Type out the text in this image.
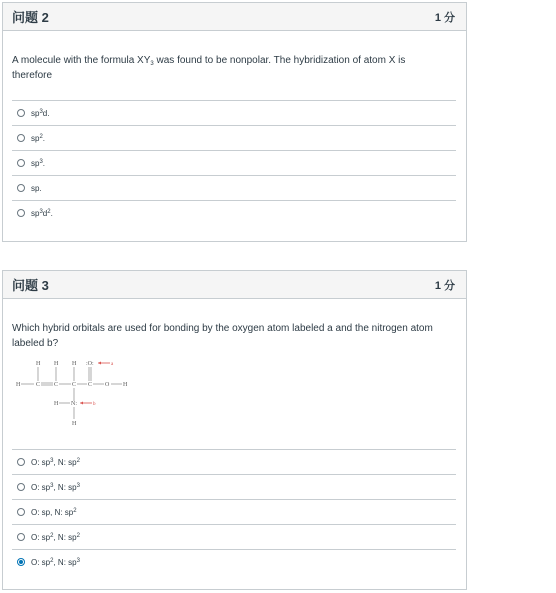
问题 2	1 分

A molecule with the formula $XY_3$ was found to be nonpolar. The hybridization of atom X is therefore

$sp^3d$.
$sp^2$.
$sp^3$.
sp.
$sp^3d^2$.
问题 3	1 分

Which hybrid orbitals are used for bonding by the oxygen atom labeled a and the nitrogen atom labeled b?

H H H :O:	a
H	C C C C O H
H N:	b
H
O: $sp^3$, N: $sp^2$
O: $sp^3$, N: $sp^3$
O: sp, N: $sp^2$
O: $sp^2$, N: $sp^2$
O: $sp^2$, N: $sp^3$
